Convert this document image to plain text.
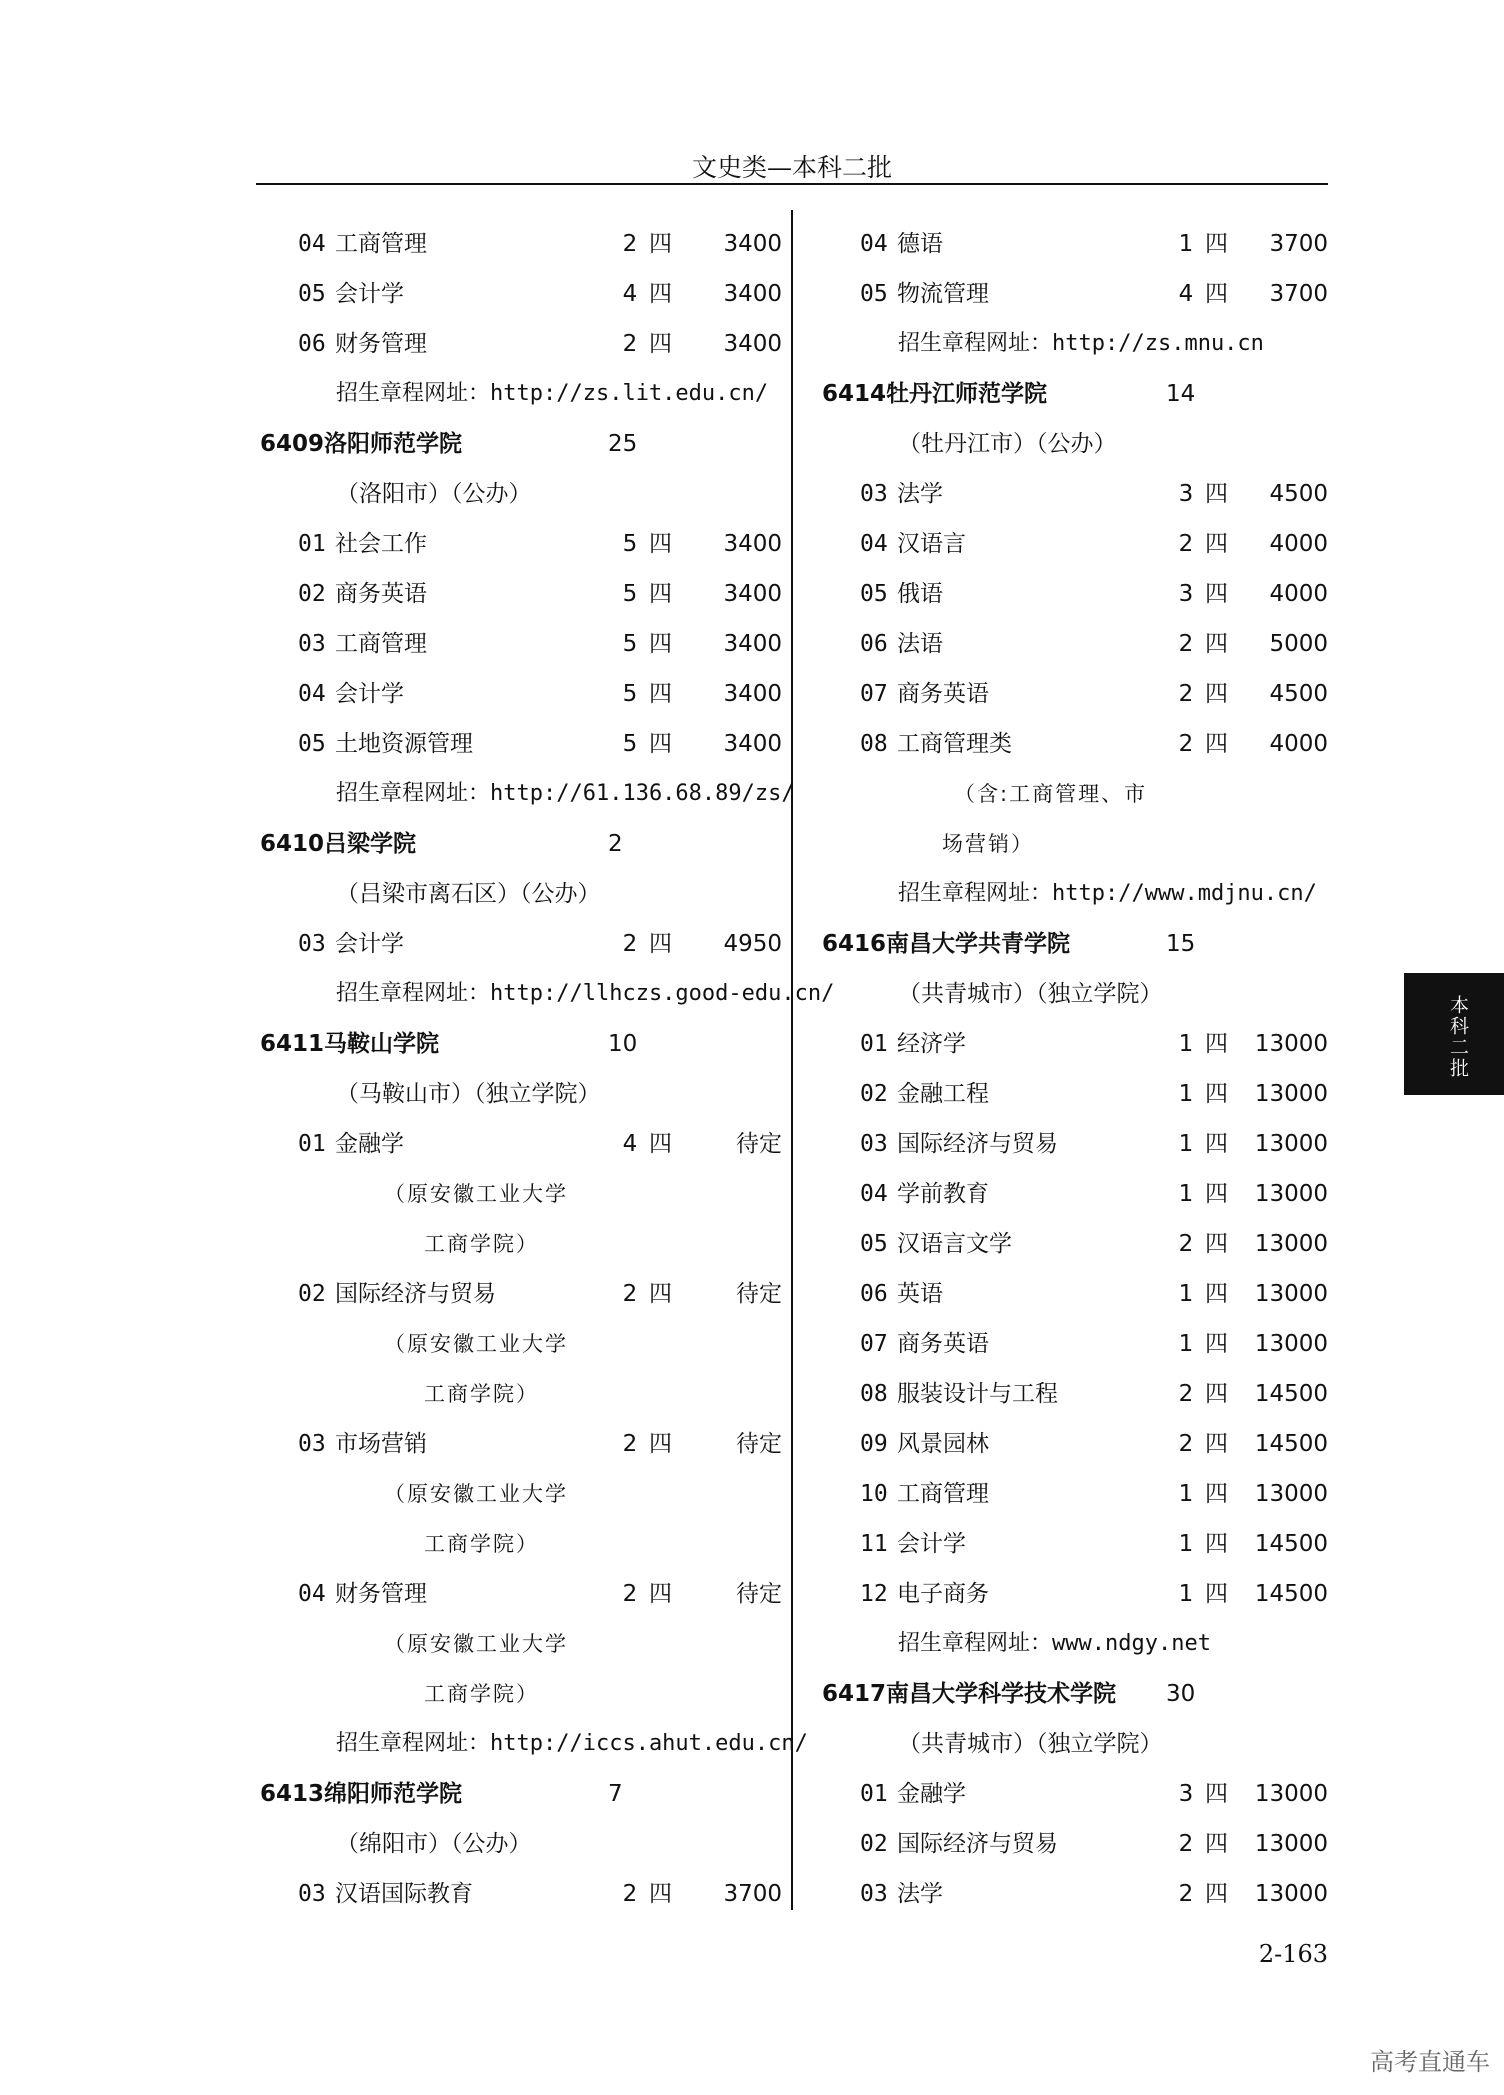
文史类—本科二批
04 工商管理	2 四	3400
05 会计学	4 四	3400
06 财务管理	2 四	3400
招生章程网址：http://zs.lit.edu.cn/
6409 洛阳师范学院	25
（洛阳市）（公办）
01 社会工作	5 四	3400
02 商务英语	5 四	3400
03 工商管理	5 四	3400
04 会计学	5 四	3400
05 土地资源管理	5 四	3400
招生章程网址：http://61.136.68.89/zs/
6410 吕梁学院	2
（吕梁市离石区）（公办）
03 会计学	2 四	4950
招生章程网址：http://llhczs.good-edu.cn/
6411 马鞍山学院	10
（马鞍山市）（独立学院）
01 金融学	4 四	待定
（原安徽工业大学
工商学院）
02 国际经济与贸易	2 四	待定
（原安徽工业大学
工商学院）
03 市场营销	2 四	待定
（原安徽工业大学
工商学院）
04 财务管理	2 四	待定
（原安徽工业大学
工商学院）
招生章程网址：http://iccs.ahut.edu.cn/
6413 绵阳师范学院	7
（绵阳市）（公办）
03 汉语国际教育	2 四	3700
04 德语	1 四	3700
05 物流管理	4 四	3700
招生章程网址：http://zs.mnu.cn
6414 牡丹江师范学院	14
（牡丹江市）（公办）
03 法学	3 四	4500
04 汉语言	2 四	4000
05 俄语	3 四	4000
06 法语	2 四	5000
07 商务英语	2 四	4500
08 工商管理类	2 四	4000
（含:工商管理、市
场营销）
招生章程网址：http://www.mdjnu.cn/
6416 南昌大学共青学院	15
（共青城市）（独立学院）
01 经济学	1 四	13000
02 金融工程	1 四	13000
03 国际经济与贸易	1 四	13000
04 学前教育	1 四	13000
05 汉语言文学	2 四	13000
06 英语	1 四	13000
07 商务英语	1 四	13000
08 服装设计与工程	2 四	14500
09 风景园林	2 四	14500
10 工商管理	1 四	13000
11 会计学	1 四	14500
12 电子商务	1 四	14500
招生章程网址：www.ndgy.net
6417 南昌大学科学技术学院 30
（共青城市）（独立学院）
01 金融学	3 四	13000
02 国际经济与贸易	2 四	13000
03 法学	2 四	13000
2-163
本科二批
高考直通车
